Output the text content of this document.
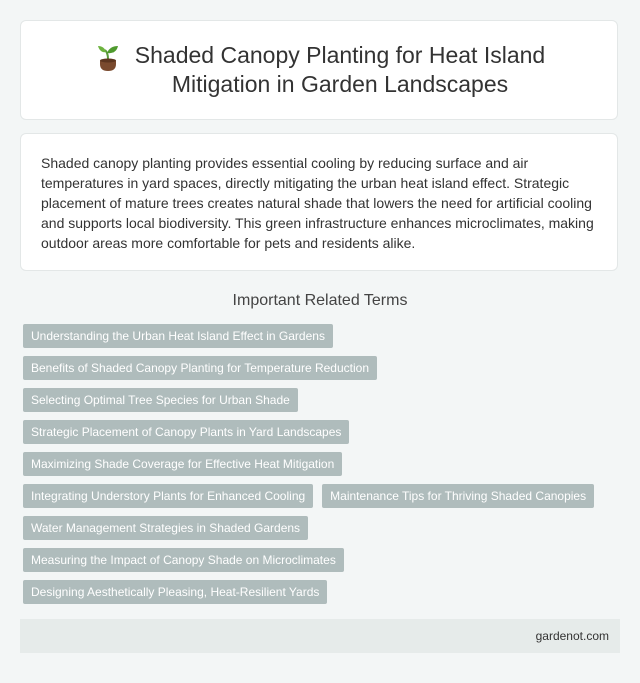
Shaded Canopy Planting for Heat Island
Mitigation in Garden Landscapes

Shaded canopy planting provides essential cooling by reducing surface and air temperatures in yard spaces, directly mitigating the urban heat island effect. Strategic placement of mature trees creates natural shade that lowers the need for artificial cooling and supports local biodiversity. This green infrastructure enhances microclimates, making outdoor areas more comfortable for pets and residents alike.

Important Related Terms
Understanding the Urban Heat Island Effect in Gardens
Benefits of Shaded Canopy Planting for Temperature Reduction
Selecting Optimal Tree Species for Urban Shade
Strategic Placement of Canopy Plants in Yard Landscapes
Maximizing Shade Coverage for Effective Heat Mitigation
Integrating Understory Plants for Enhanced Cooling	Maintenance Tips for Thriving Shaded Canopies
Water Management Strategies in Shaded Gardens
Measuring the Impact of Canopy Shade on Microclimates
Designing Aesthetically Pleasing, Heat-Resilient Yards
gardenot.com
